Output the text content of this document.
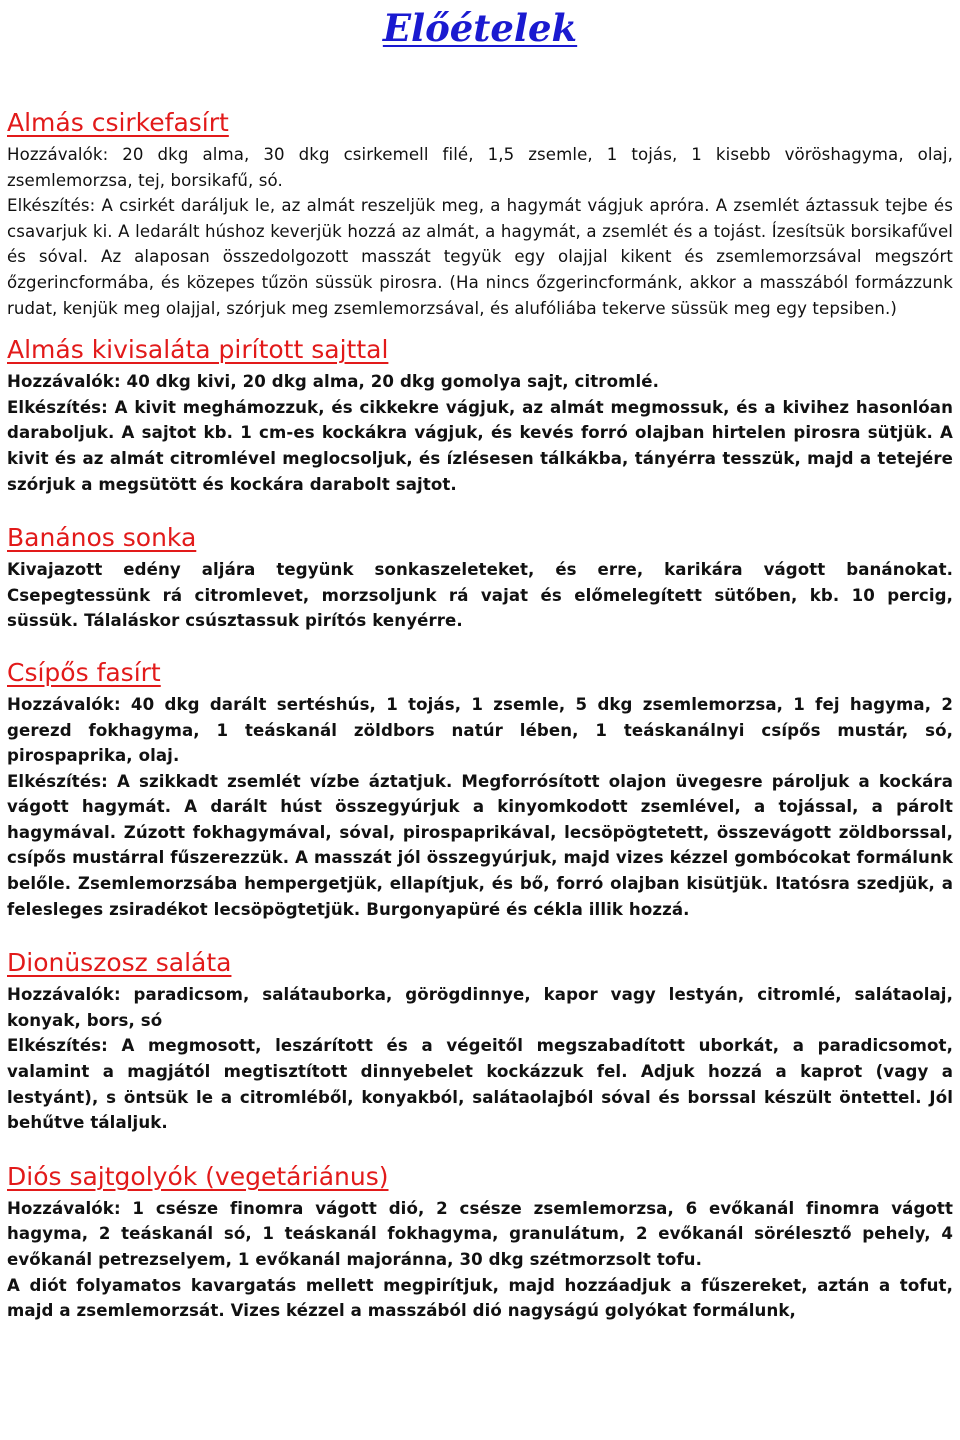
Előételek
Almás csirkefasírt

Hozzávalók: 20 dkg alma, 30 dkg csirkemell filé, 1,5 zsemle, 1 tojás, 1 kisebb vöröshagyma, olaj, zsemlemorzsa, tej, borsikafű, só.

Elkészítés: A csirkét daráljuk le, az almát reszeljük meg, a hagymát vágjuk apróra. A zsemlét áztassuk tejbe és csavarjuk ki. A ledarált húshoz keverjük hozzá az almát, a hagymát, a zsemlét és a tojást. Ízesítsük borsikafűvel és sóval. Az alaposan összedolgozott masszát tegyük egy olajjal kikent és zsemlemorzsával megszórt őzgerincformába, és közepes tűzön süssük pirosra. (Ha nincs őzgerincformánk, akkor a masszából formázzunk rudat, kenjük meg olajjal, szórjuk meg zsemlemorzsával, és alufóliába tekerve süssük meg egy tepsiben.)

Almás kivisaláta pirított sajttal

Hozzávalók: 40 dkg kivi, 20 dkg alma, 20 dkg gomolya sajt, citromlé.

Elkészítés: A kivit meghámozzuk, és cikkekre vágjuk, az almát megmossuk, és a kivihez hasonlóan daraboljuk. A sajtot kb. 1 cm-es kockákra vágjuk, és kevés forró olajban hirtelen pirosra sütjük. A kivit és az almát citromlével meglocsoljuk, és ízlésesen tálkákba, tányérra tesszük, majd a tetejére szórjuk a megsütött és kockára darabolt sajtot.

Banános sonka

Kivajazott edény aljára tegyünk sonkaszeleteket, és erre, karikára vágott banánokat. Csepegtessünk rá citromlevet, morzsoljunk rá vajat és előmelegített sütőben, kb. 10 percig, süssük. Tálaláskor csúsztassuk pirítós kenyérre.

Csípős fasírt

Hozzávalók: 40 dkg darált sertéshús, 1 tojás, 1 zsemle, 5 dkg zsemlemorzsa, 1 fej hagyma, 2 gerezd fokhagyma, 1 teáskanál zöldbors natúr lében, 1 teáskanálnyi csípős mustár, só, pirospaprika, olaj.

Elkészítés: A szikkadt zsemlét vízbe áztatjuk. Megforrósított olajon üvegesre pároljuk a kockára vágott hagymát. A darált húst összegyúrjuk a kinyomkodott zsemlével, a tojással, a párolt hagymával. Zúzott fokhagymával, sóval, pirospaprikával, lecsöpögtetett, összevágott zöldborssal, csípős mustárral fűszerezzük. A masszát jól összegyúrjuk, majd vizes kézzel gombócokat formálunk belőle. Zsemlemorzsába hempergetjük, ellapítjuk, és bő, forró olajban kisütjük. Itatósra szedjük, a felesleges zsiradékot lecsöpögtetjük. Burgonyapüré és cékla illik hozzá.

Dionüszosz saláta

Hozzávalók: paradicsom, salátauborka, görögdinnye, kapor vagy lestyán, citromlé, salátaolaj, konyak, bors, só

Elkészítés: A megmosott, leszárított és a végeitől megszabadított uborkát, a paradicsomot, valamint a magjától megtisztított dinnyebelet kockázzuk fel. Adjuk hozzá a kaprot (vagy a lestyánt), s öntsük le a citromléből, konyakból, salátaolajból sóval és borssal készült öntettel. Jól behűtve tálaljuk.

Diós sajtgolyók (vegetáriánus)

Hozzávalók: 1 csésze finomra vágott dió, 2 csésze zsemlemorzsa, 6 evőkanál finomra vágott hagyma, 2 teáskanál só, 1 teáskanál fokhagyma, granulátum, 2 evőkanál sörélesztő pehely, 4 evőkanál petrezselyem, 1 evőkanál majoránna, 30 dkg szétmorzsolt tofu.

A diót folyamatos kavargatás mellett megpirítjuk, majd hozzáadjuk a fűszereket, aztán a tofut, majd a zsemlemorzsát. Vizes kézzel a masszából dió nagyságú golyókat formálunk,
